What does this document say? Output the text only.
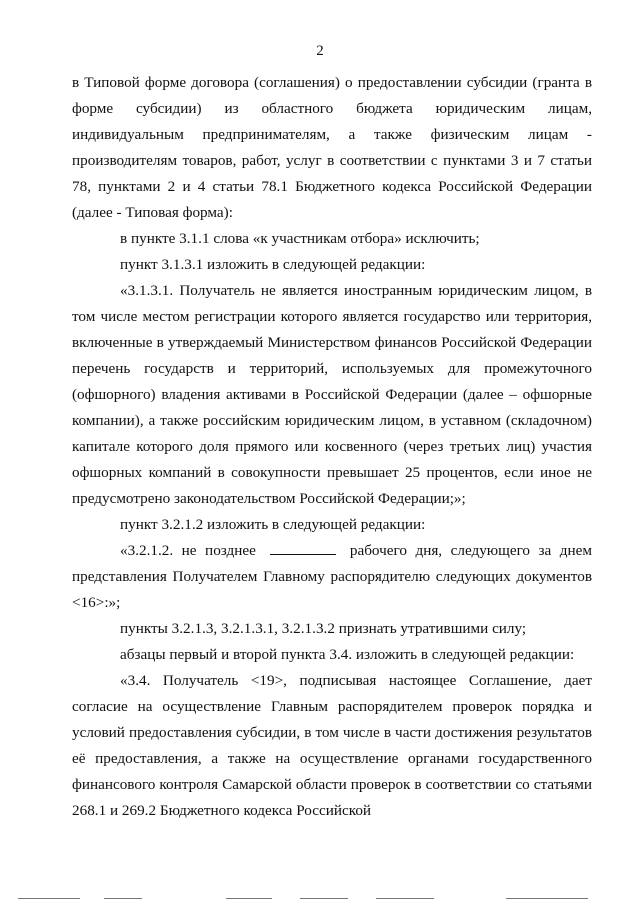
2

в Типовой форме договора (соглашения) о предоставлении субсидии (гранта в форме субсидии) из областного бюджета юридическим лицам, индивидуальным предпринимателям, а также физическим лицам - производителям товаров, работ, услуг в соответствии с пунктами 3 и 7 статьи 78, пунктами 2 и 4 статьи 78.1 Бюджетного кодекса Российской Федерации (далее - Типовая форма):

в пункте 3.1.1 слова «к участникам отбора» исключить;

пункт 3.1.3.1 изложить в следующей редакции:

«3.1.3.1. Получатель не является иностранным юридическим лицом, в том числе местом регистрации которого является государство или территория, включенные в утверждаемый Министерством финансов Российской Федерации перечень государств и территорий, используемых для промежуточного (офшорного) владения активами в Российской Федерации (далее – офшорные компании), а также российским юридическим лицом, в уставном (складочном) капитале которого доля прямого или косвенного (через третьих лиц) участия офшорных компаний в совокупности превышает 25 процентов, если иное не предусмотрено законодательством Российской Федерации;»;

пункт 3.2.1.2 изложить в следующей редакции:

«3.2.1.2. не позднее	рабочего дня, следующего за днем представления Получателем Главному распорядителю следующих документов <16>:»;

пункты 3.2.1.3, 3.2.1.3.1, 3.2.1.3.2 признать утратившими силу;

абзацы первый и второй пункта 3.4. изложить в следующей редакции:

«3.4. Получатель <19>, подписывая настоящее Соглашение, дает согласие на осуществление Главным распорядителем проверок порядка и условий предоставления субсидии, в том числе в части достижения результатов её предоставления, а также на осуществление органами государственного финансового контроля Самарской области проверок в соответствии со статьями 268.1 и 269.2 Бюджетного кодекса Российской
